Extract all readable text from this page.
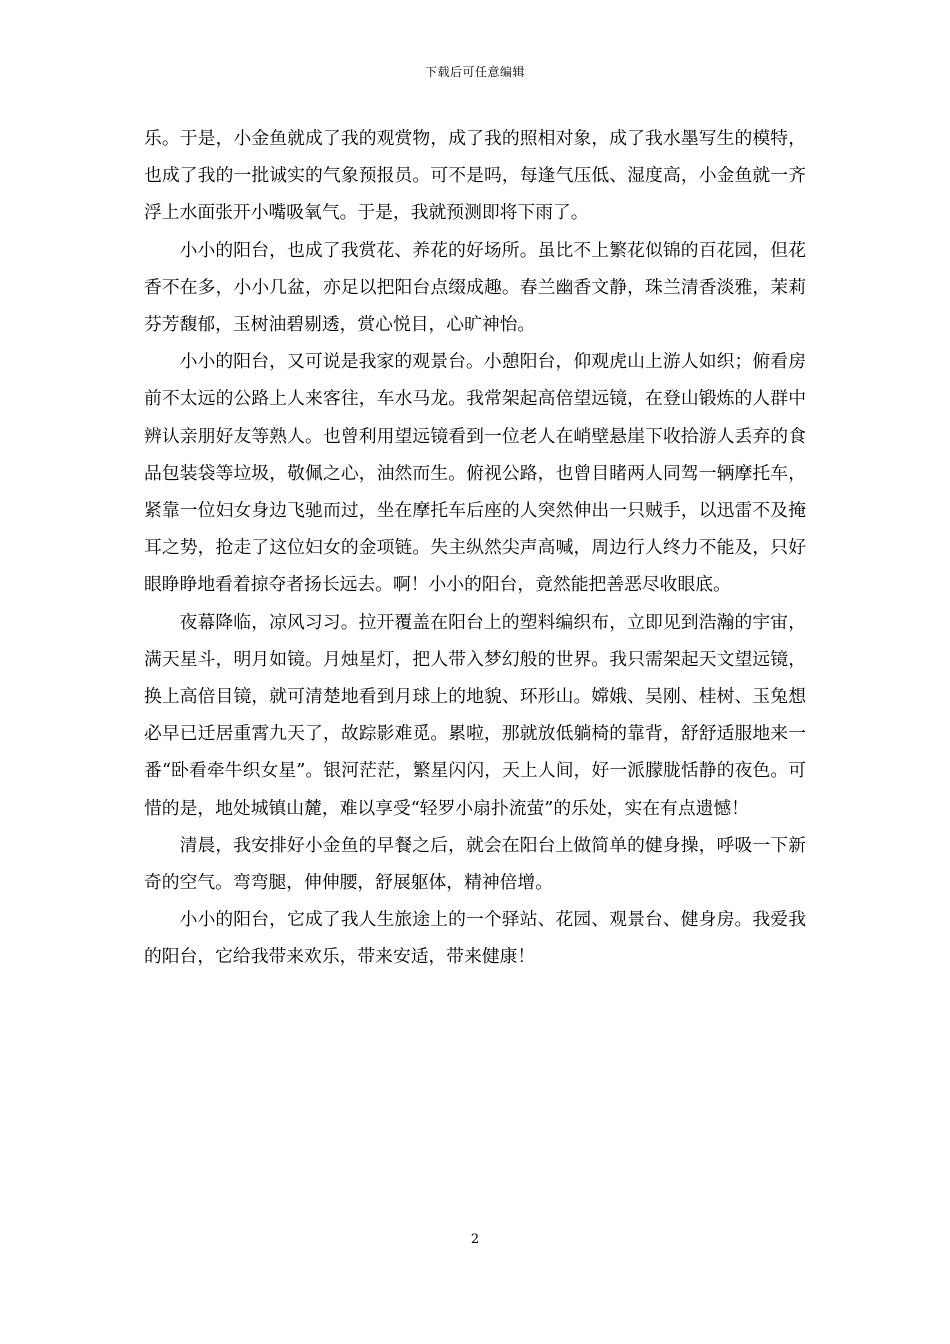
下载后可任意编辑

乐。于是，小金鱼就成了我的观赏物，成了我的照相对象，成了我水墨写生的模特，也成了我的一批诚实的气象预报员。可不是吗，每逢气压低、湿度高，小金鱼就一齐浮上水面张开小嘴吸氧气。于是，我就预测即将下雨了。

小小的阳台，也成了我赏花、养花的好场所。虽比不上繁花似锦的百花园，但花香不在多，小小几盆，亦足以把阳台点缀成趣。春兰幽香文静，珠兰清香淡雅，茉莉芬芳馥郁，玉树油碧剔透，赏心悦目，心旷神怡。

小小的阳台，又可说是我家的观景台。小憩阳台，仰观虎山上游人如织；俯看房前不太远的公路上人来客往，车水马龙。我常架起高倍望远镜，在登山锻炼的人群中辨认亲朋好友等熟人。也曾利用望远镜看到一位老人在峭壁悬崖下收拾游人丢弃的食品包装袋等垃圾，敬佩之心，油然而生。俯视公路，也曾目睹两人同驾一辆摩托车，紧靠一位妇女身边飞驰而过，坐在摩托车后座的人突然伸出一只贼手，以迅雷不及掩耳之势，抢走了这位妇女的金项链。失主纵然尖声高喊，周边行人终力不能及，只好眼睁睁地看着掠夺者扬长远去。啊！小小的阳台，竟然能把善恶尽收眼底。

夜幕降临，凉风习习。拉开覆盖在阳台上的塑料编织布，立即见到浩瀚的宇宙，满天星斗，明月如镜。月烛星灯，把人带入梦幻般的世界。我只需架起天文望远镜，换上高倍目镜，就可清楚地看到月球上的地貌、环形山。嫦娥、吴刚、桂树、玉兔想必早已迁居重霄九天了，故踪影难觅。累啦，那就放低躺椅的靠背，舒舒适服地来一番“卧看牵牛织女星”。银河茫茫，繁星闪闪，天上人间，好一派朦胧恬静的夜色。可惜的是，地处城镇山麓，难以享受“轻罗小扇扑流萤”的乐处，实在有点遗憾！

清晨，我安排好小金鱼的早餐之后，就会在阳台上做简单的健身操，呼吸一下新奇的空气。弯弯腿，伸伸腰，舒展躯体，精神倍增。

小小的阳台，它成了我人生旅途上的一个驿站、花园、观景台、健身房。我爱我的阳台，它给我带来欢乐，带来安适，带来健康！

2
